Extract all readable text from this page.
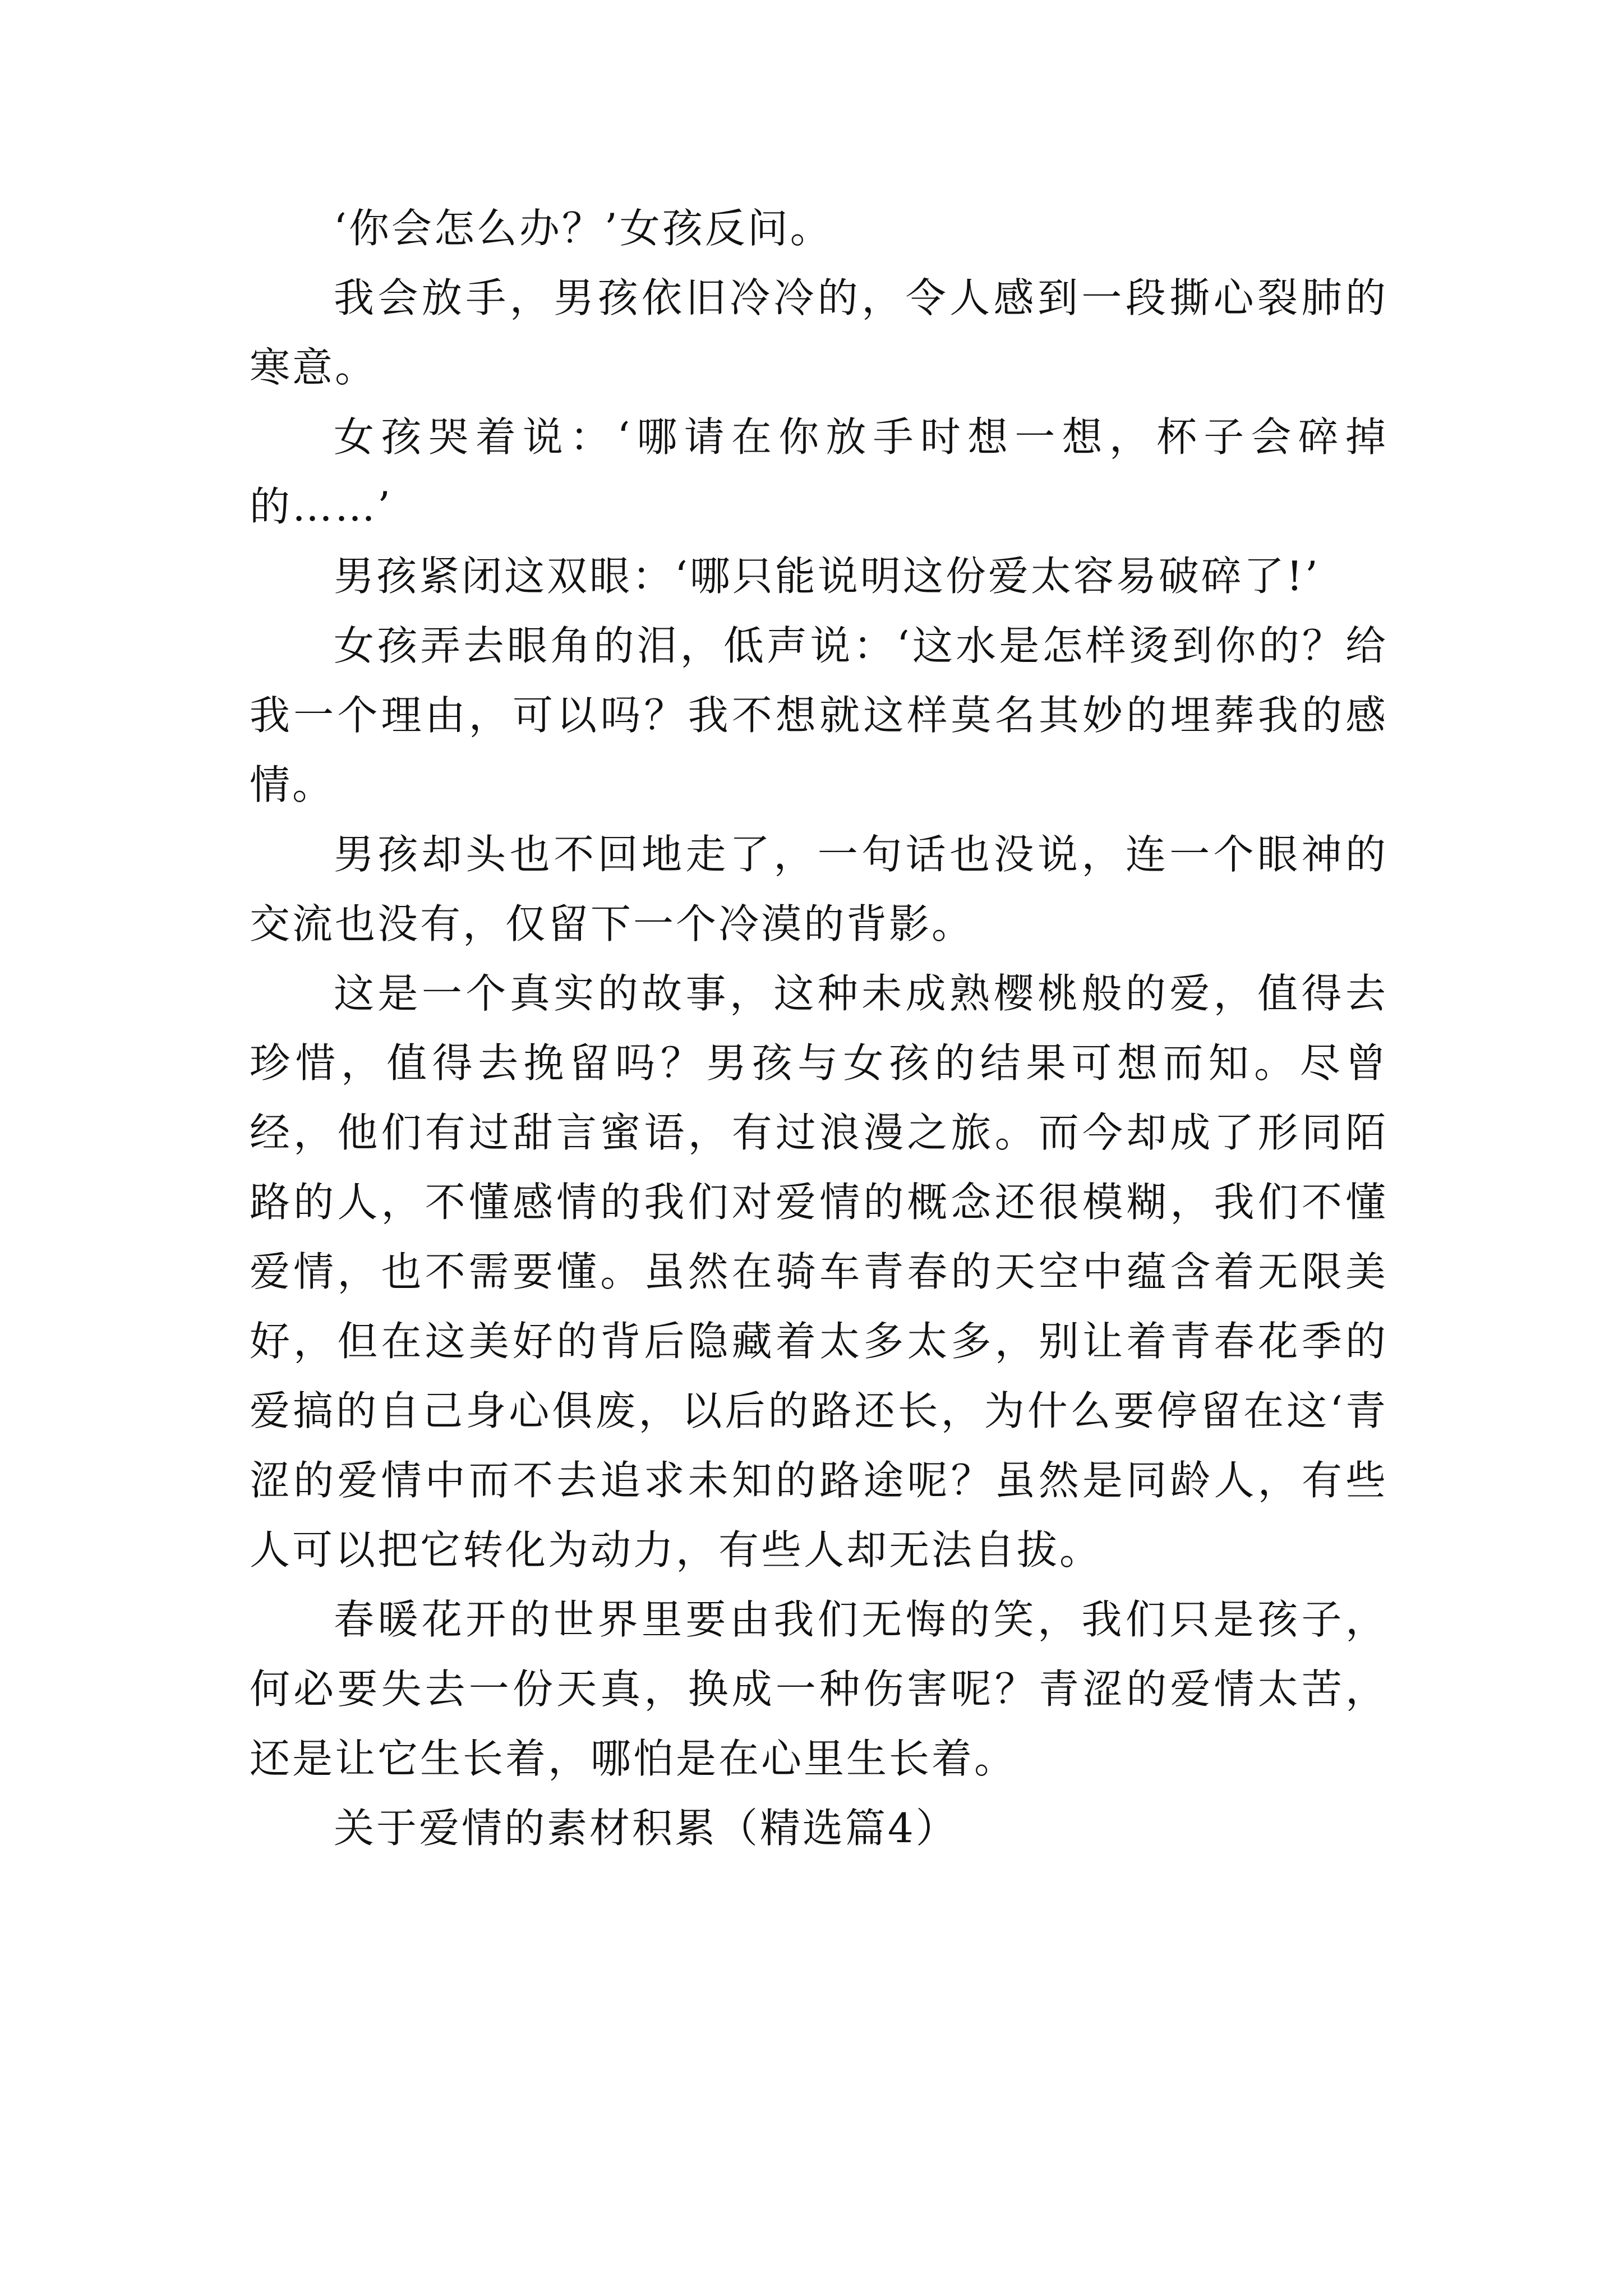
‘你会怎么办？’女孩反问。

我会放手，男孩依旧冷冷的，令人感到一段撕心裂肺的寒意。

女孩哭着说：‘哪请在你放手时想一想，杯子会碎掉的……’

男孩紧闭这双眼：‘哪只能说明这份爱太容易破碎了!’

女孩弄去眼角的泪，低声说：‘这水是怎样烫到你的？给我一个理由，可以吗？我不想就这样莫名其妙的埋葬我的感情。

男孩却头也不回地走了，一句话也没说，连一个眼神的交流也没有，仅留下一个冷漠的背影。

这是一个真实的故事，这种未成熟樱桃般的爱，值得去珍惜，值得去挽留吗？男孩与女孩的结果可想而知。尽曾经，他们有过甜言蜜语，有过浪漫之旅。而今却成了形同陌路的人，不懂感情的我们对爱情的概念还很模糊，我们不懂爱情，也不需要懂。虽然在骑车青春的天空中蕴含着无限美好，但在这美好的背后隐藏着太多太多，别让着青春花季的爱搞的自己身心俱废，以后的路还长，为什么要停留在这‘青涩的爱情中而不去追求未知的路途呢？虽然是同龄人，有些人可以把它转化为动力，有些人却无法自拔。

春暖花开的世界里要由我们无悔的笑，我们只是孩子，何必要失去一份天真，换成一种伤害呢？青涩的爱情太苦，还是让它生长着，哪怕是在心里生长着。

关于爱情的素材积累（精选篇4）
